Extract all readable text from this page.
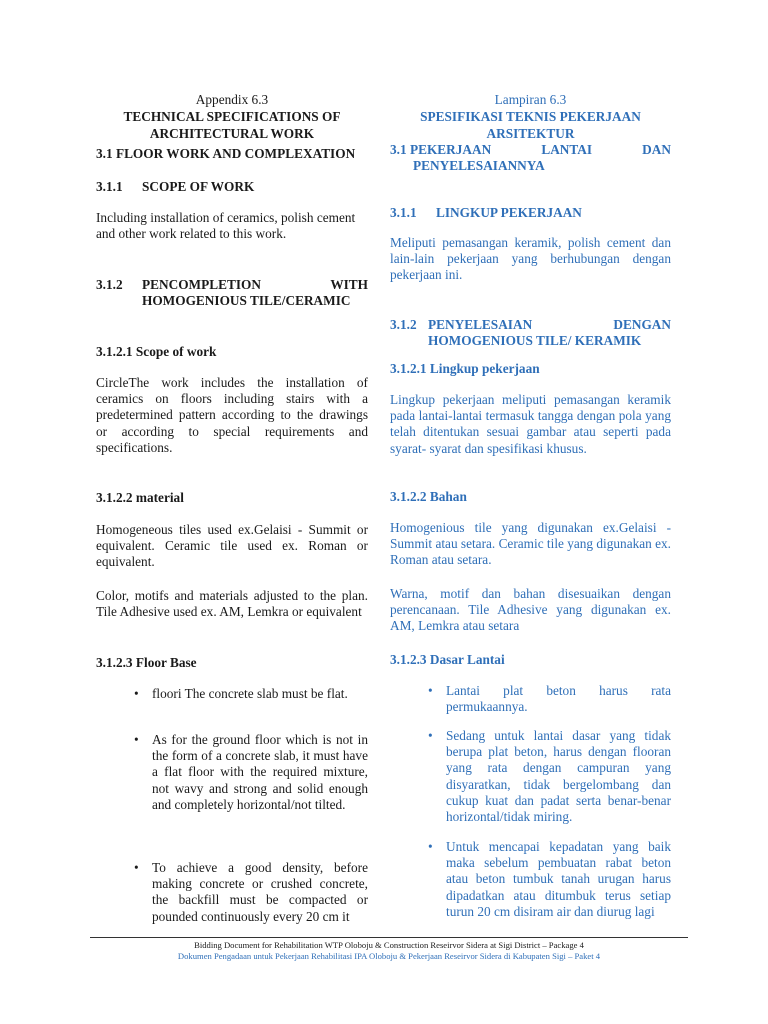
Appendix 6.3
TECHNICAL SPECIFICATIONS OF
ARCHITECTURAL WORK
3.1 FLOOR WORK AND COMPLEXATION
3.1.1	SCOPE OF WORK
Including installation of ceramics, polish cement and other work related to this work.
3.1.2	PENCOMPLETION	WITH
HOMOGENIOUS TILE/CERAMIC
3.1.2.1 Scope of work
CircleThe work includes the installation of ceramics on floors including stairs with a predetermined pattern according to the drawings or according to special requirements and specifications.
3.1.2.2 material
Homogeneous tiles used ex.Gelaisi - Summit or equivalent. Ceramic tile used ex. Roman or equivalent.
Color, motifs and materials adjusted to the plan. Tile Adhesive used ex. AM, Lemkra or equivalent
3.1.2.3 Floor Base
• floori The concrete slab must be flat.
• As for the ground floor which is not in the form of a concrete slab, it must have a flat floor with the required mixture, not wavy and strong and solid enough and completely horizontal/not tilted.
• To achieve a good density, before making concrete or crushed concrete, the backfill must be compacted or pounded continuously every 20 cm it
Lampiran 6.3
SPESIFIKASI TEKNIS PEKERJAAN
ARSITEKTUR
3.1 PEKERJAAN	LANTAI	DAN
PENYELESAIANNYA
3.1.1	LINGKUP PEKERJAAN
Meliputi pemasangan keramik, polish cement dan lain-lain pekerjaan yang berhubungan dengan pekerjaan ini.
3.1.2 PENYELESAIAN	DENGAN
HOMOGENIOUS TILE/ KERAMIK
3.1.2.1 Lingkup pekerjaan
Lingkup pekerjaan meliputi pemasangan keramik pada lantai-lantai termasuk tangga dengan pola yang telah ditentukan sesuai gambar atau seperti pada syarat- syarat dan spesifikasi khusus.
3.1.2.2 Bahan
Homogenious tile yang digunakan ex.Gelaisi - Summit atau setara. Ceramic tile yang digunakan ex. Roman atau setara.
Warna, motif dan bahan disesuaikan dengan perencanaan. Tile Adhesive yang digunakan ex. AM, Lemkra atau setara
3.1.2.3 Dasar Lantai
• Lantai plat beton harus rata permukaannya.
• Sedang untuk lantai dasar yang tidak berupa plat beton, harus dengan flooran yang rata dengan campuran yang disyaratkan, tidak bergelombang dan cukup kuat dan padat serta benar-benar horizontal/tidak miring.
• Untuk mencapai kepadatan yang baik maka sebelum pembuatan rabat beton atau beton tumbuk tanah urugan harus dipadatkan atau ditumbuk terus setiap turun 20 cm disiram air dan diurug lagi
Bidding Document for Rehabilitation WTP Oloboju & Construction Reseirvor Sidera at Sigi District – Package 4
Dokumen Pengadaan untuk Pekerjaan Rehabilitasi IPA Oloboju & Pekerjaan Reseirvor Sidera di Kabupaten Sigi – Paket 4
